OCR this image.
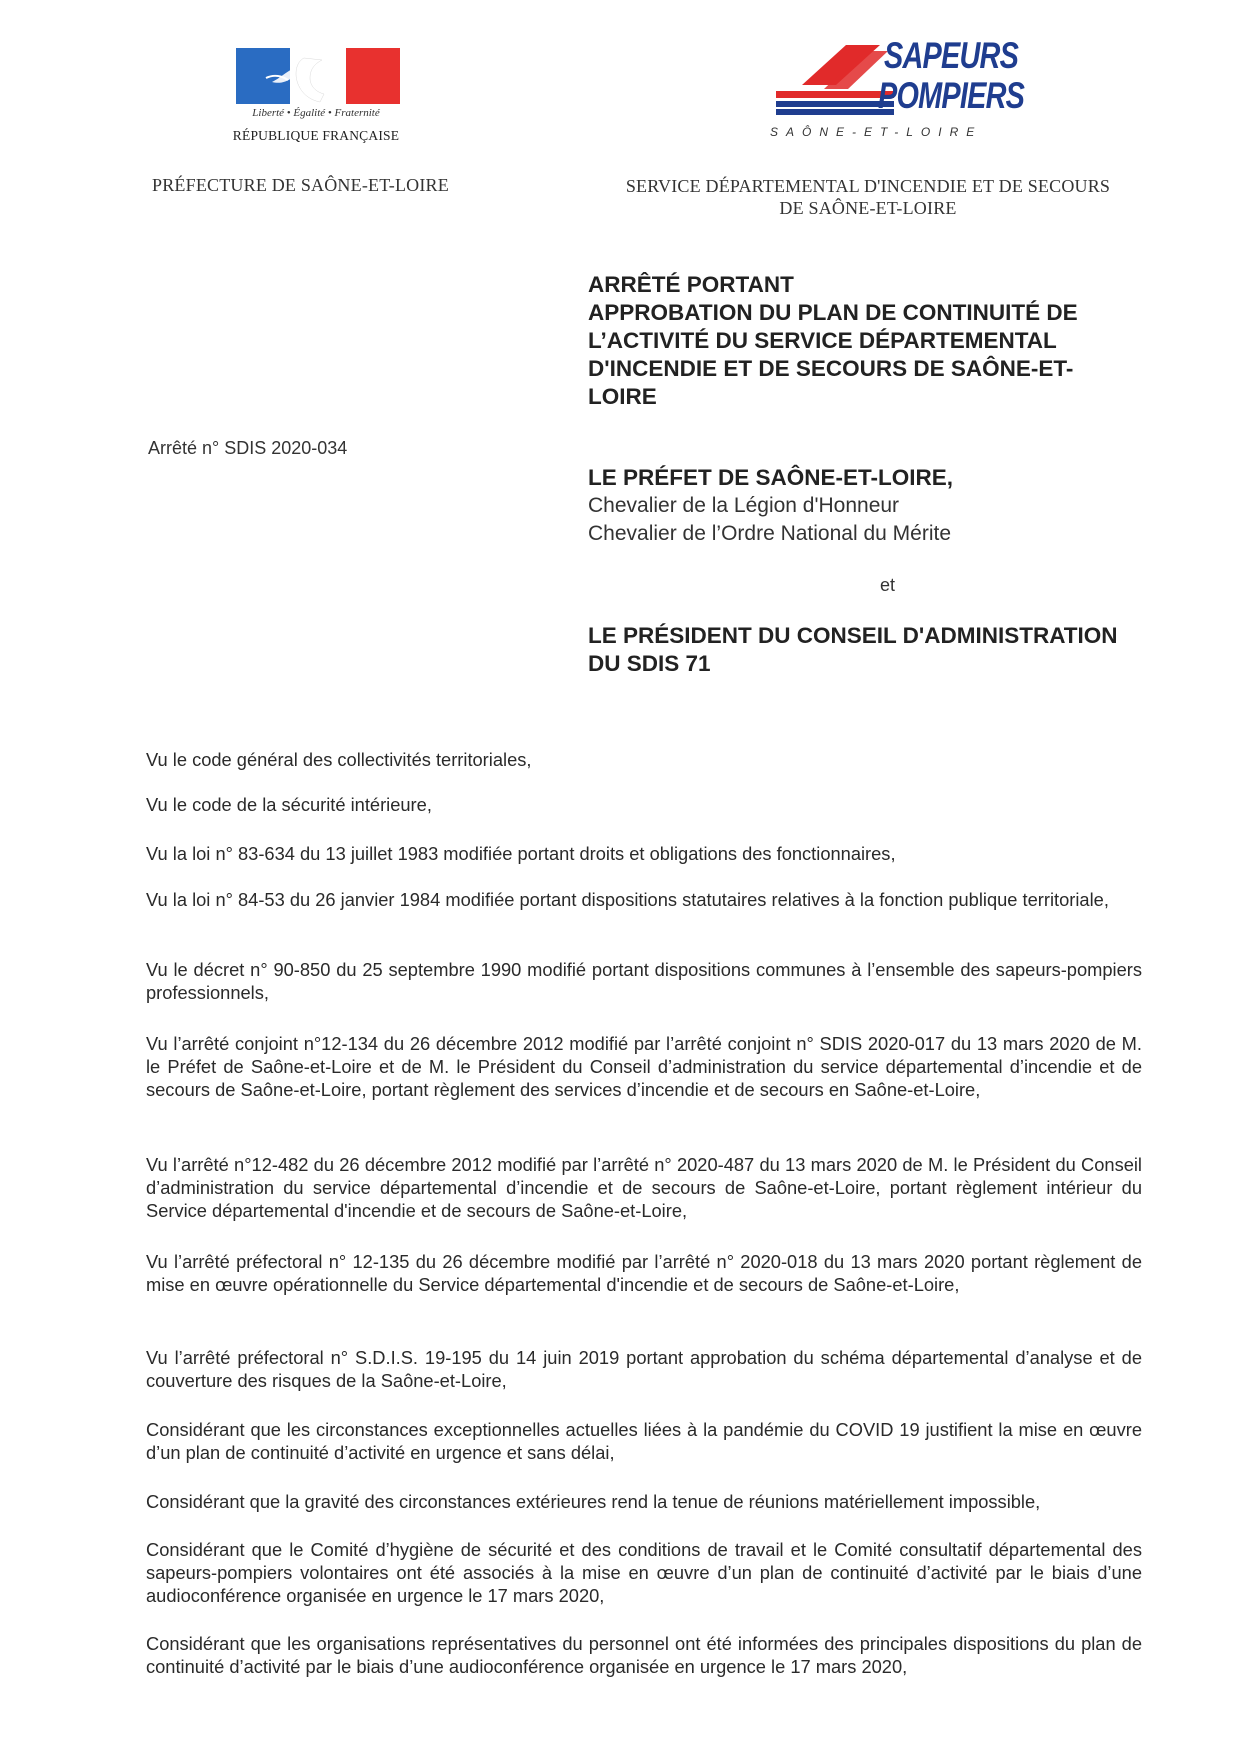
Liberté • Égalité • Fraternité
RÉPUBLIQUE FRANÇAISE
SAPEURS
POMPIERS
SAÔNE-ET-LOIRE
PRÉFECTURE DE SAÔNE-ET-LOIRE	SERVICE DÉPARTEMENTAL D'INCENDIE ET DE SECOURS
DE SAÔNE-ET-LOIRE
ARRÊTÉ PORTANT
APPROBATION DU PLAN DE CONTINUITÉ DE
L’ACTIVITÉ DU SERVICE DÉPARTEMENTAL
D'INCENDIE ET DE SECOURS DE SAÔNE-ET-
LOIRE
Arrêté n° SDIS 2020-034
LE PRÉFET DE SAÔNE-ET-LOIRE,
Chevalier de la Légion d'Honneur
Chevalier de l’Ordre National du Mérite
et
LE PRÉSIDENT DU CONSEIL D'ADMINISTRATION
DU SDIS 71
Vu le code général des collectivités territoriales,
Vu le code de la sécurité intérieure,
Vu la loi n° 83-634 du 13 juillet 1983 modifiée portant droits et obligations des fonctionnaires,
Vu la loi n° 84-53 du 26 janvier 1984 modifiée portant dispositions statutaires relatives à la fonction publique territoriale,
Vu le décret n° 90-850 du 25 septembre 1990 modifié portant dispositions communes à l’ensemble des sapeurs-pompiers professionnels,
Vu l’arrêté conjoint n°12-134 du 26 décembre 2012 modifié par l’arrêté conjoint n° SDIS 2020-017 du 13 mars 2020 de M. le Préfet de Saône-et-Loire et de M. le Président du Conseil d’administration du service départemental d’incendie et de secours de Saône-et-Loire, portant règlement des services d’incendie et de secours en Saône-et-Loire,
Vu l’arrêté n°12-482 du 26 décembre 2012 modifié par l’arrêté n° 2020-487 du 13 mars 2020 de M. le Président du Conseil d’administration du service départemental d’incendie et de secours de Saône-et-Loire, portant règlement intérieur du Service départemental d'incendie et de secours de Saône-et-Loire,
Vu l’arrêté préfectoral n° 12-135 du 26 décembre modifié par l’arrêté n° 2020-018 du 13 mars 2020 portant règlement de mise en œuvre opérationnelle du Service départemental d'incendie et de secours de Saône-et-Loire,
Vu l’arrêté préfectoral n° S.D.I.S. 19-195 du 14 juin 2019 portant approbation du schéma départemental d’analyse et de couverture des risques de la Saône-et-Loire,
Considérant que les circonstances exceptionnelles actuelles liées à la pandémie du COVID 19 justifient la mise en œuvre d’un plan de continuité d’activité en urgence et sans délai,
Considérant que la gravité des circonstances extérieures rend la tenue de réunions matériellement impossible,
Considérant que le Comité d’hygiène de sécurité et des conditions de travail et le Comité consultatif départemental des sapeurs-pompiers volontaires ont été associés à la mise en œuvre d’un plan de continuité d’activité par le biais d’une audioconférence organisée en urgence le 17 mars 2020,
Considérant que les organisations représentatives du personnel ont été informées des principales dispositions du plan de continuité d’activité par le biais d’une audioconférence organisée en urgence le 17 mars 2020,
